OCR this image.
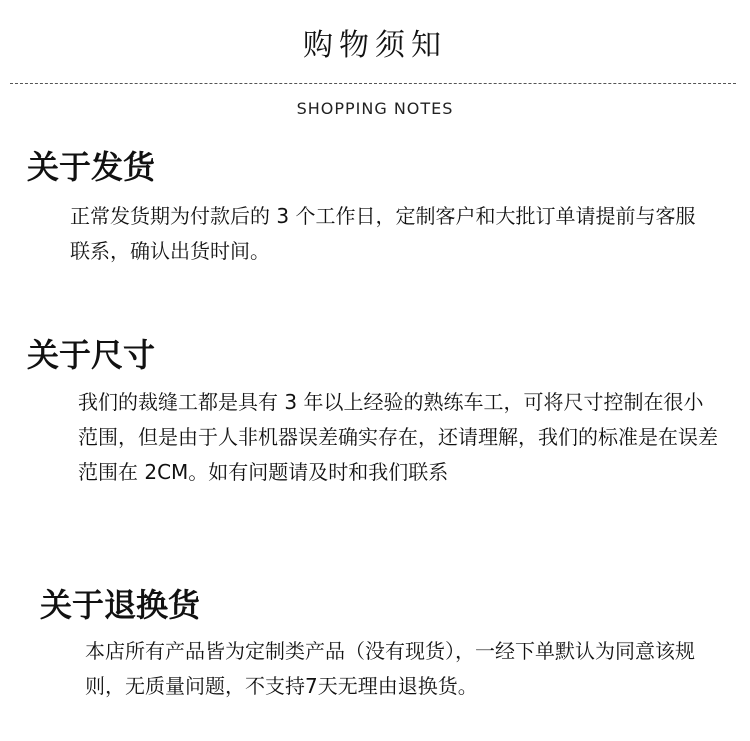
购物须知
SHOPPING NOTES
关于发货
正常发货期为付款后的 3 个工作日，定制客户和大批订单请提前与客服联系，确认出货时间。
关于尺寸
我们的裁缝工都是具有 3 年以上经验的熟练车工，可将尺寸控制在很小范围，但是由于人非机器误差确实存在，还请理解，我们的标准是在误差范围在 2CM。如有问题请及时和我们联系
关于退换货
本店所有产品皆为定制类产品（没有现货），一经下单默认为同意该规则，无质量问题，不支持7天无理由退换货。
